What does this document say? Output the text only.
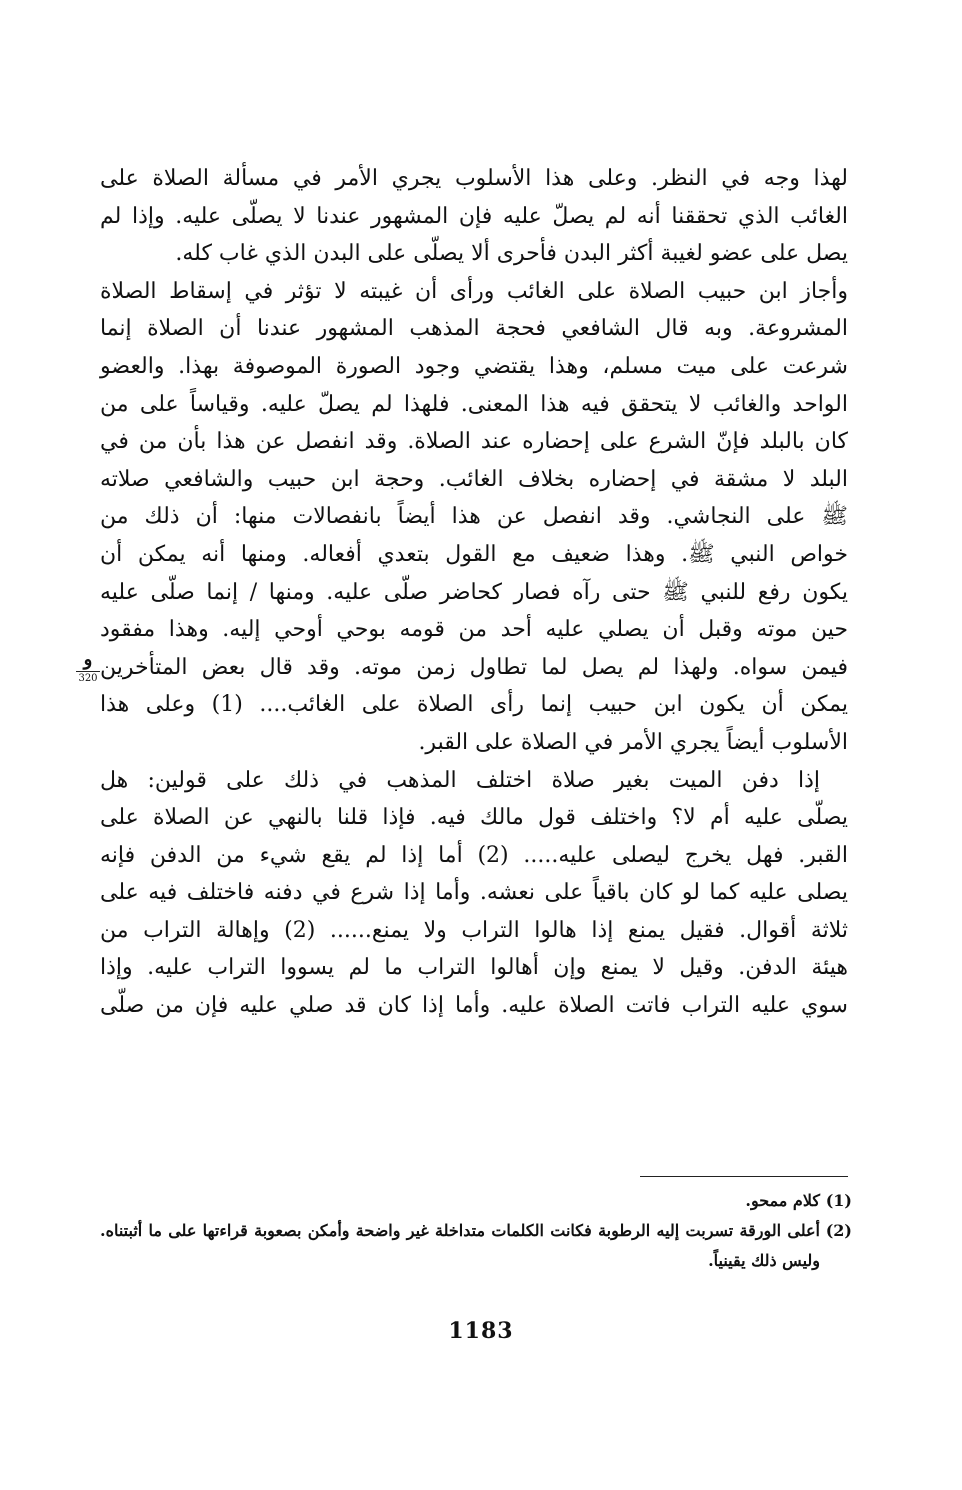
لهذا وجه في النظر. وعلى هذا الأسلوب يجري الأمر في مسألة الصلاة على
الغائب الذي تحققنا أنه لم يصلّ عليه فإن المشهور عندنا لا يصلّى عليه. وإذا لم
يصل على عضو لغيبة أكثر البدن فأحرى ألا يصلّى على البدن الذي غاب كله.
وأجاز ابن حبيب الصلاة على الغائب ورأى أن غيبته لا تؤثر في إسقاط الصلاة
المشروعة. وبه قال الشافعي فحجة المذهب المشهور عندنا أن الصلاة إنما
شرعت على ميت مسلم، وهذا يقتضي وجود الصورة الموصوفة بهذا. والعضو
الواحد والغائب لا يتحقق فيه هذا المعنى. فلهذا لم يصلّ عليه. وقياساً على من
كان بالبلد فإنّ الشرع على إحضاره عند الصلاة. وقد انفصل عن هذا بأن من في
البلد لا مشقة في إحضاره بخلاف الغائب. وحجة ابن حبيب والشافعي صلاته
ﷺ على النجاشي. وقد انفصل عن هذا أيضاً بانفصالات منها: أن ذلك من
خواص النبي ﷺ. وهذا ضعيف مع القول بتعدي أفعاله. ومنها أنه يمكن أن
يكون رفع للنبي ﷺ حتى رآه فصار كحاضر صلّى عليه. ومنها / إنما صلّى عليه
حين موته وقبل أن يصلي عليه أحد من قومه بوحي أوحي إليه. وهذا مفقود
فيمن سواه. ولهذا لم يصل لما تطاول زمن موته. وقد قال بعض المتأخرين
يمكن أن يكون ابن حبيب إنما رأى الصلاة على الغائب.... (1) وعلى هذا
الأسلوب أيضاً يجري الأمر في الصلاة على القبر.
إذا دفن الميت بغير صلاة اختلف المذهب في ذلك على قولين: هل
يصلّى عليه أم لا؟ واختلف قول مالك فيه. فإذا قلنا بالنهي عن الصلاة على
القبر. فهل يخرج ليصلى عليه..... (2) أما إذا لم يقع شيء من الدفن فإنه
يصلى عليه كما لو كان باقياً على نعشه. وأما إذا شرع في دفنه فاختلف فيه على
ثلاثة أقوال. فقيل يمنع إذا هالوا التراب ولا يمنع...... (2) وإهالة التراب من
هيئة الدفن. وقيل لا يمنع وإن أهالوا التراب ما لم يسووا التراب عليه. وإذا
سوي عليه التراب فاتت الصلاة عليه. وأما إذا كان قد صلي عليه فإن من صلّى
و
320
(1)
كلام ممحو.
(2)
أعلى الورقة تسربت إليه الرطوبة فكانت الكلمات متداخلة غير واضحة وأمكن بصعوبة قراءتها على ما أثبتناه. وليس ذلك يقينياً.
1183
